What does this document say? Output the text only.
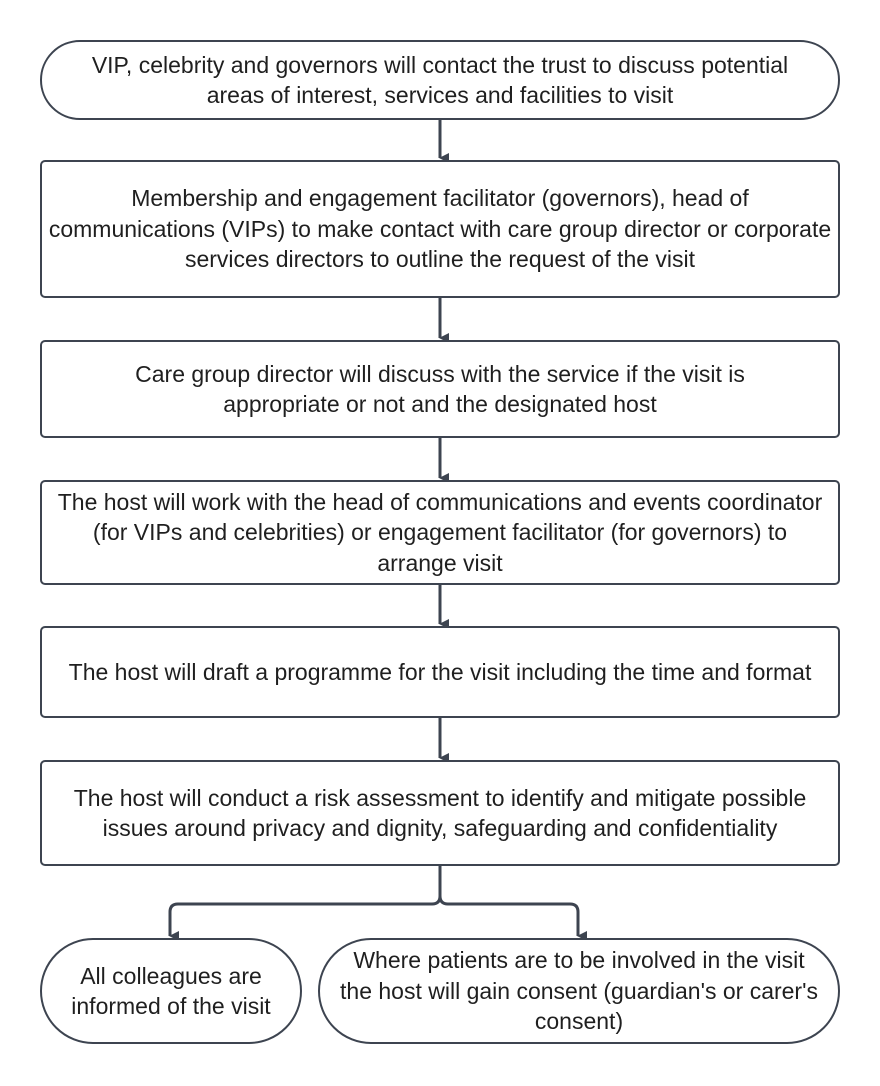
VIP, celebrity and governors will contact the trust to discuss potential areas of interest, services and facilities to visit
Membership and engagement facilitator (governors), head of communications (VIPs) to make contact with care group director or corporate services directors to outline the request of the visit
Care group director will discuss with the service if the visit is appropriate or not and the designated host
The host will work with the head of communications and events coordinator (for VIPs and celebrities) or engagement facilitator (for governors) to arrange visit
The host will draft a programme for the visit including the time and format
The host will conduct a risk assessment to identify and mitigate possible issues around privacy and dignity, safeguarding and confidentiality
All colleagues are informed of the visit
Where patients are to be involved in the visit the host will gain consent (guardian's or carer's consent)
